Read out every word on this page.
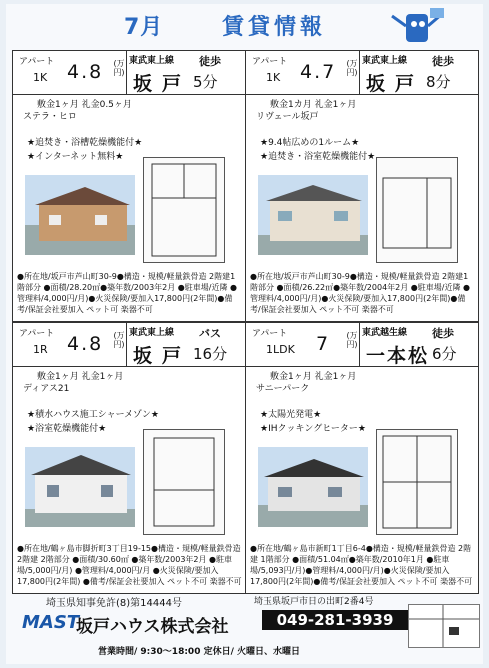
7月	賃貸情報
アパート
1K 4.8 (万円)
東武東上線 徒歩
坂戸 5分
敷金1ヶ月 礼金0.5ヶ月
ステラ・ヒロ
★追焚き・浴槽乾燥機能付★
★インターネット無料★
●所在地/坂戸市芦山町30-9●構造・規模/軽量鉄骨造 2階建1階部分 ●面積/28.20㎡●築年数/2003年2月 ●駐車場/近隣 ●管理料/4,000円/月)●火災保険/要加入17,800円(2年間)●備考/保証会社要加入 ペット可 楽器不可
アパート
1K 4.7 (万円)
東武東上線 徒歩
坂戸 8分
敷金1カ月 礼金1ヶ月
リヴェール坂戸
★9.4帖広めの1ルーム★
★追焚き・浴室乾燥機能付★
●所在地/坂戸市芦山町30-9●構造・規模/軽量鉄骨造 2階建1階部分 ●面積/26.22㎡●築年数/2004年2月 ●駐車場/近隣 ●管理料/4,000円/月)●火災保険/要加入17,800円(2年間)●備考/保証会社要加入 ペット不可 楽器不可
アパート
1R 4.8 (万円)
東武東上線 バス
坂戸 16分
敷金1ヶ月 礼金1ヶ月
ディアス21
★積水ハウス施工シャーメゾン★
★浴室乾燥機能付★
●所在地/鶴ヶ島市脚折町3丁目19-15●構造・規模/軽量鉄骨造 2階建 2階部分 ●面積/30.60㎡ ●築年数/2003年2月 ●駐車場/5,000円/月) ●管理料/4,000円/月 ●火災保険/要加入17,800円(2年間) ●備考/保証会社要加入 ペット不可 楽器不可
アパート
1LDK 7 (万円)
東武越生線 徒歩
一本松 6分
敷金1ヶ月 礼金1ヶ月
サニーパーク
★太陽光発電★
★IHクッキングヒーター★
●所在地/鶴ヶ島市新町1丁目6-4●構造・規模/軽量鉄骨造 2階建 1階部分 ●面積/51.04㎡●築年数/2010年1月 ●駐車場/5,093円/月)●管理料/4,000円/月)●火災保険/要加入17,800円(2年間)●備考/保証会社要加入 ペット不可 楽器不可
埼玉県知事免許(8)第14444号	埼玉県坂戸市日の出町2番4号
MAST
坂戸ハウス株式会社	049-281-3939
営業時間/ 9:30～18:00 定休日/ 火曜日、水曜日
